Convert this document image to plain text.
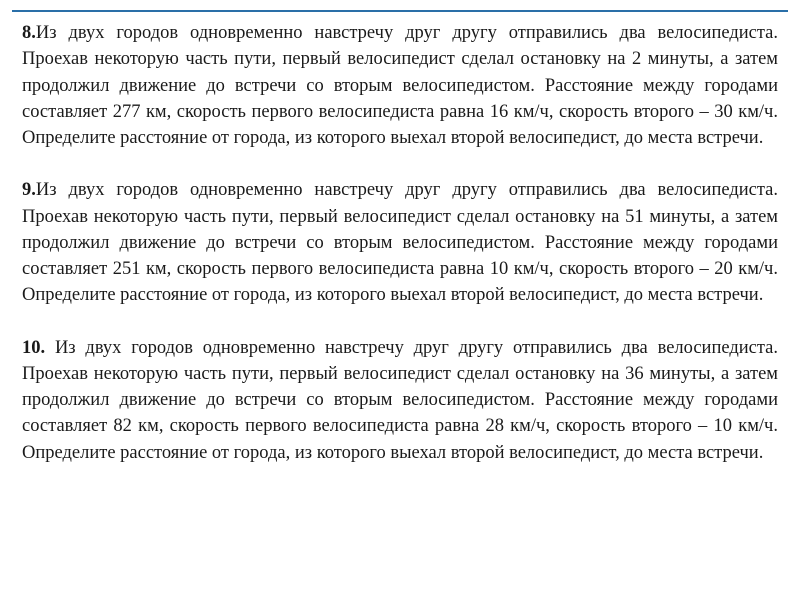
8.Из двух городов одновременно навстречу друг другу отправились два велосипедиста. Проехав некоторую часть пути, первый велосипедист сделал остановку на 2 минуты, а затем продолжил движение до встречи со вторым велосипедистом. Расстояние между городами составляет 277 км, скорость первого велосипедиста равна 16 км/ч, скорость второго – 30 км/ч. Определите расстояние от города, из которого выехал второй велосипедист, до места встречи.

9.Из двух городов одновременно навстречу друг другу отправились два велосипедиста. Проехав некоторую часть пути, первый велосипедист сделал остановку на 51 минуты, а затем продолжил движение до встречи со вторым велосипедистом. Расстояние между городами составляет 251 км, скорость первого велосипедиста равна 10 км/ч, скорость второго – 20 км/ч. Определите расстояние от города, из которого выехал второй велосипедист, до места встречи.

10. Из двух городов одновременно навстречу друг другу отправились два велосипедиста. Проехав некоторую часть пути, первый велосипедист сделал остановку на 36 минуты, а затем продолжил движение до встречи со вторым велосипедистом. Расстояние между городами составляет 82 км, скорость первого велосипедиста равна 28 км/ч, скорость второго – 10 км/ч. Определите расстояние от города, из которого выехал второй велосипедист, до места встречи.
